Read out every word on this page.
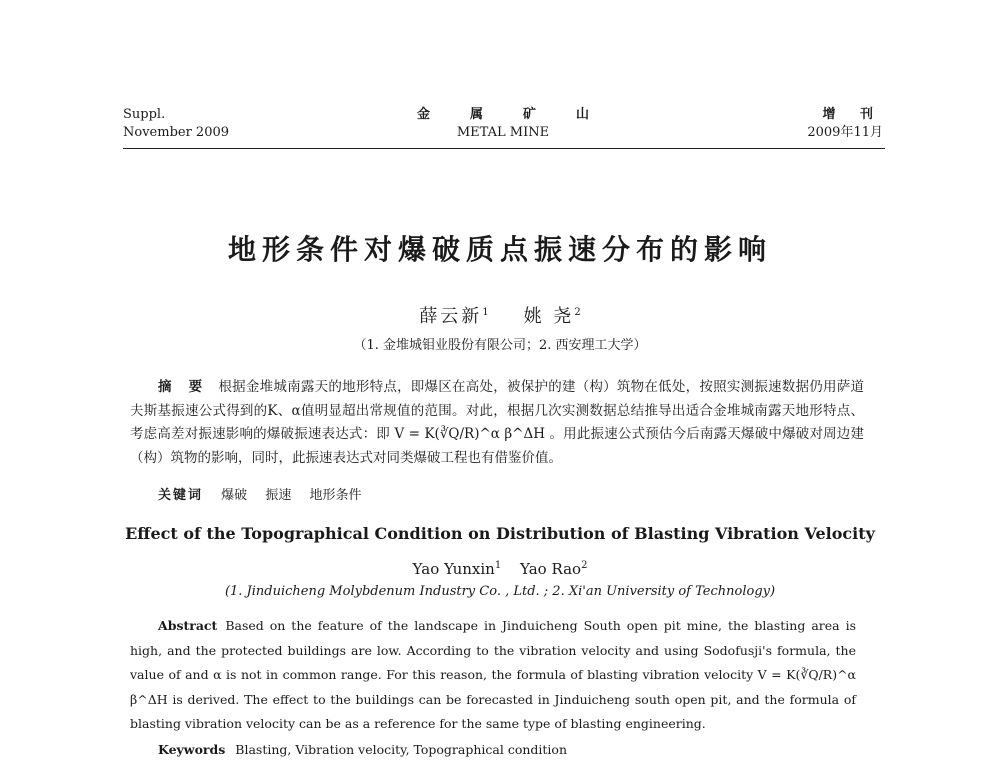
Suppl.
November 2009
金属矿山
METAL MINE
增 刊
2009年11月
地形条件对爆破质点振速分布的影响
薛云新$^1$ 姚 尧$^2$
（1. 金堆城钼业股份有限公司；2. 西安理工大学）
摘 要 根据金堆城南露天的地形特点，即爆区在高处，被保护的建（构）筑物在低处，按照实测振速数据仍用萨道夫斯基振速公式得到的K、α值明显超出常规值的范围。对此，根据几次实测数据总结推导出适合金堆城南露天地形特点、考虑高差对振速影响的爆破振速表达式：即 V = K(∛Q/R)^α β^ΔH 。用此振速公式预估今后南露天爆破中爆破对周边建（构）筑物的影响，同时，此振速表达式对同类爆破工程也有借鉴价值。
关键词 爆破 振速 地形条件
Effect of the Topographical Condition on Distribution of Blasting Vibration Velocity
Yao Yunxin$^1$ Yao Rao$^2$
(1. Jinduicheng Molybdenum Industry Co. , Ltd. ; 2. Xi'an University of Technology)
Abstract Based on the feature of the landscape in Jinduicheng South open pit mine, the blasting area is high, and the protected buildings are low. According to the vibration velocity and using Sodofusji's formula, the value of and α is not in common range. For this reason, the formula of blasting vibration velocity V = K(∛Q/R)^α β^ΔH is derived. The effect to the buildings can be forecasted in Jinduicheng south open pit, and the formula of blasting vibration velocity can be as a reference for the same type of blasting engineering.
Keywords Blasting, Vibration velocity, Topographical condition
